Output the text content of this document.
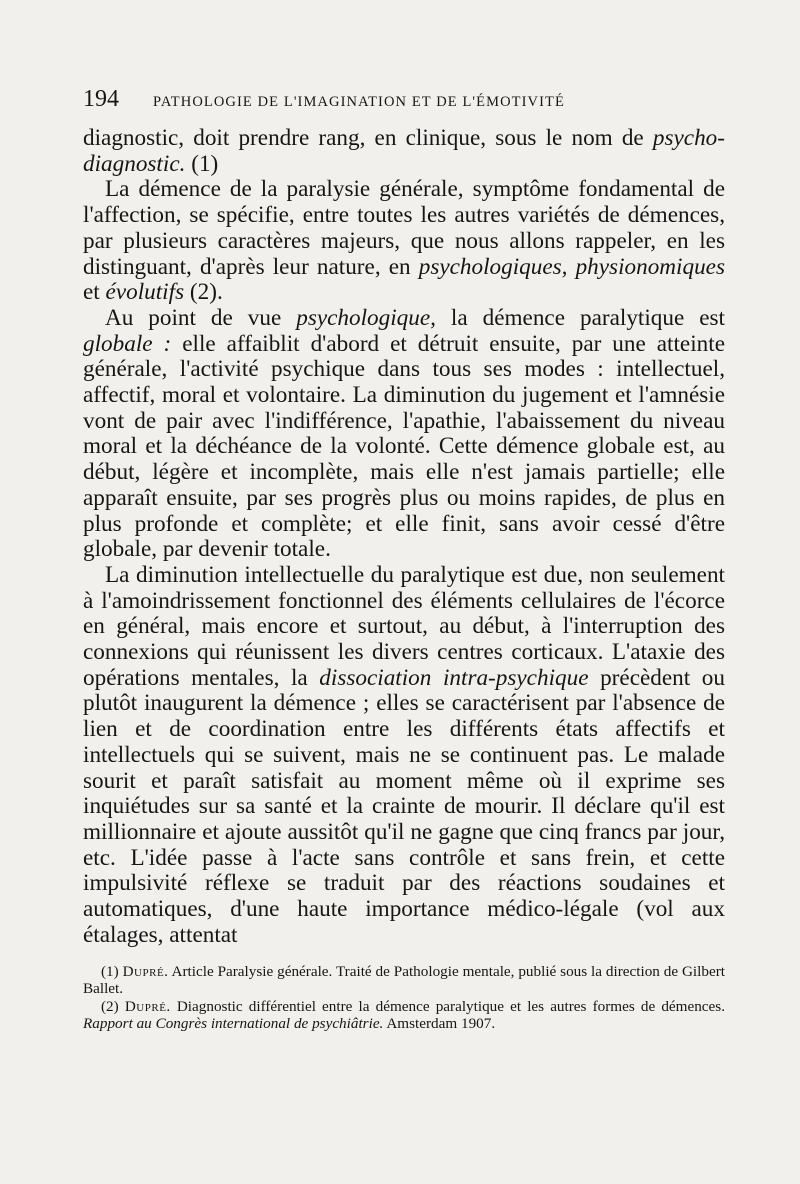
194	PATHOLOGIE DE L'IMAGINATION ET DE L'ÉMOTIVITÉ

diagnostic, doit prendre rang, en clinique, sous le nom de psycho-diagnostic. (1)

La démence de la paralysie générale, symptôme fondamental de l'affection, se spécifie, entre toutes les autres variétés de démences, par plusieurs caractères majeurs, que nous allons rappeler, en les distinguant, d'après leur nature, en psychologiques, physionomiques et évolutifs (2).

Au point de vue psychologique, la démence paralytique est globale : elle affaiblit d'abord et détruit ensuite, par une atteinte générale, l'activité psychique dans tous ses modes : intellectuel, affectif, moral et volontaire. La diminution du jugement et l'amnésie vont de pair avec l'indifférence, l'apathie, l'abaissement du niveau moral et la déchéance de la volonté. Cette démence globale est, au début, légère et incomplète, mais elle n'est jamais partielle; elle apparaît ensuite, par ses progrès plus ou moins rapides, de plus en plus profonde et complète; et elle finit, sans avoir cessé d'être globale, par devenir totale.

La diminution intellectuelle du paralytique est due, non seulement à l'amoindrissement fonctionnel des éléments cellulaires de l'écorce en général, mais encore et surtout, au début, à l'interruption des connexions qui réunissent les divers centres corticaux. L'ataxie des opérations mentales, la dissociation intra-psychique précèdent ou plutôt inaugurent la démence ; elles se caractérisent par l'absence de lien et de coordination entre les différents états affectifs et intellectuels qui se suivent, mais ne se continuent pas. Le malade sourit et paraît satisfait au moment même où il exprime ses inquiétudes sur sa santé et la crainte de mourir. Il déclare qu'il est millionnaire et ajoute aussitôt qu'il ne gagne que cinq francs par jour, etc. L'idée passe à l'acte sans contrôle et sans frein, et cette impulsivité réflexe se traduit par des réactions soudaines et automatiques, d'une haute importance médico-légale (vol aux étalages, attentat

(1) Dupré. Article Paralysie générale. Traité de Pathologie mentale, publié sous la direction de Gilbert Ballet.

(2) Dupré. Diagnostic différentiel entre la démence paralytique et les autres formes de démences. Rapport au Congrès international de psychiâtrie. Amsterdam 1907.
